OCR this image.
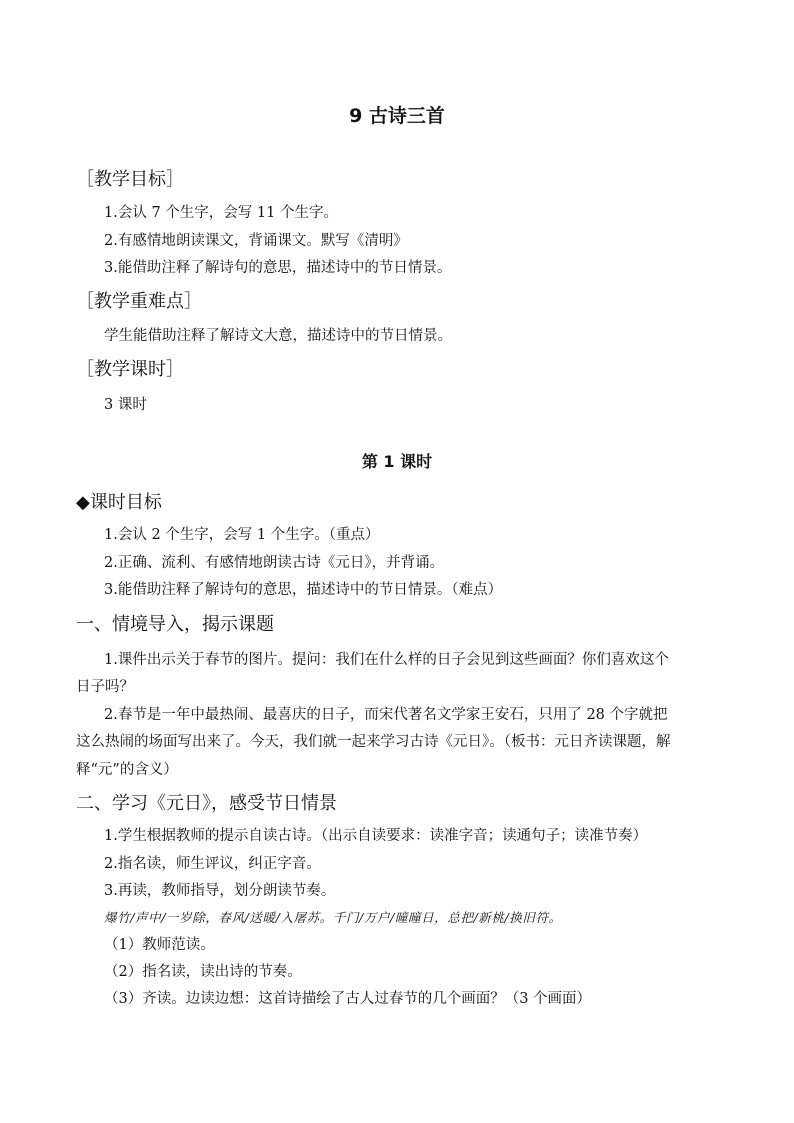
9 古诗三首
［教学目标］
1.会认 7 个生字，会写 11 个生字。
2.有感情地朗读课文，背诵课文。默写《清明》
3.能借助注释了解诗句的意思，描述诗中的节日情景。
［教学重难点］
学生能借助注释了解诗文大意，描述诗中的节日情景。
［教学课时］
3 课时
第 1 课时
◆课时目标
1.会认 2 个生字，会写 1 个生字。（重点）
2.正确、流利、有感情地朗读古诗《元日》，并背诵。
3.能借助注释了解诗句的意思，描述诗中的节日情景。（难点）
一、情境导入，揭示课题
1.课件出示关于春节的图片。提问：我们在什么样的日子会见到这些画面？你们喜欢这个
日子吗？
2.春节是一年中最热闹、最喜庆的日子，而宋代著名文学家王安石，只用了 28 个字就把
这么热闹的场面写出来了。今天，我们就一起来学习古诗《元日》。（板书：元日齐读课题，解
释“元”的含义）
二、学习《元日》，感受节日情景
1.学生根据教师的提示自读古诗。（出示自读要求：读准字音；读通句子；读准节奏）
2.指名读，师生评议，纠正字音。
3.再读，教师指导，划分朗读节奏。
爆竹/声中/一岁除，春风/送暖/入屠苏。千门/万户/曈曈日，总把/新桃/换旧符。
（1）教师范读。
（2）指名读，读出诗的节奏。
（3）齐读。边读边想：这首诗描绘了古人过春节的几个画面？（3 个画面）
